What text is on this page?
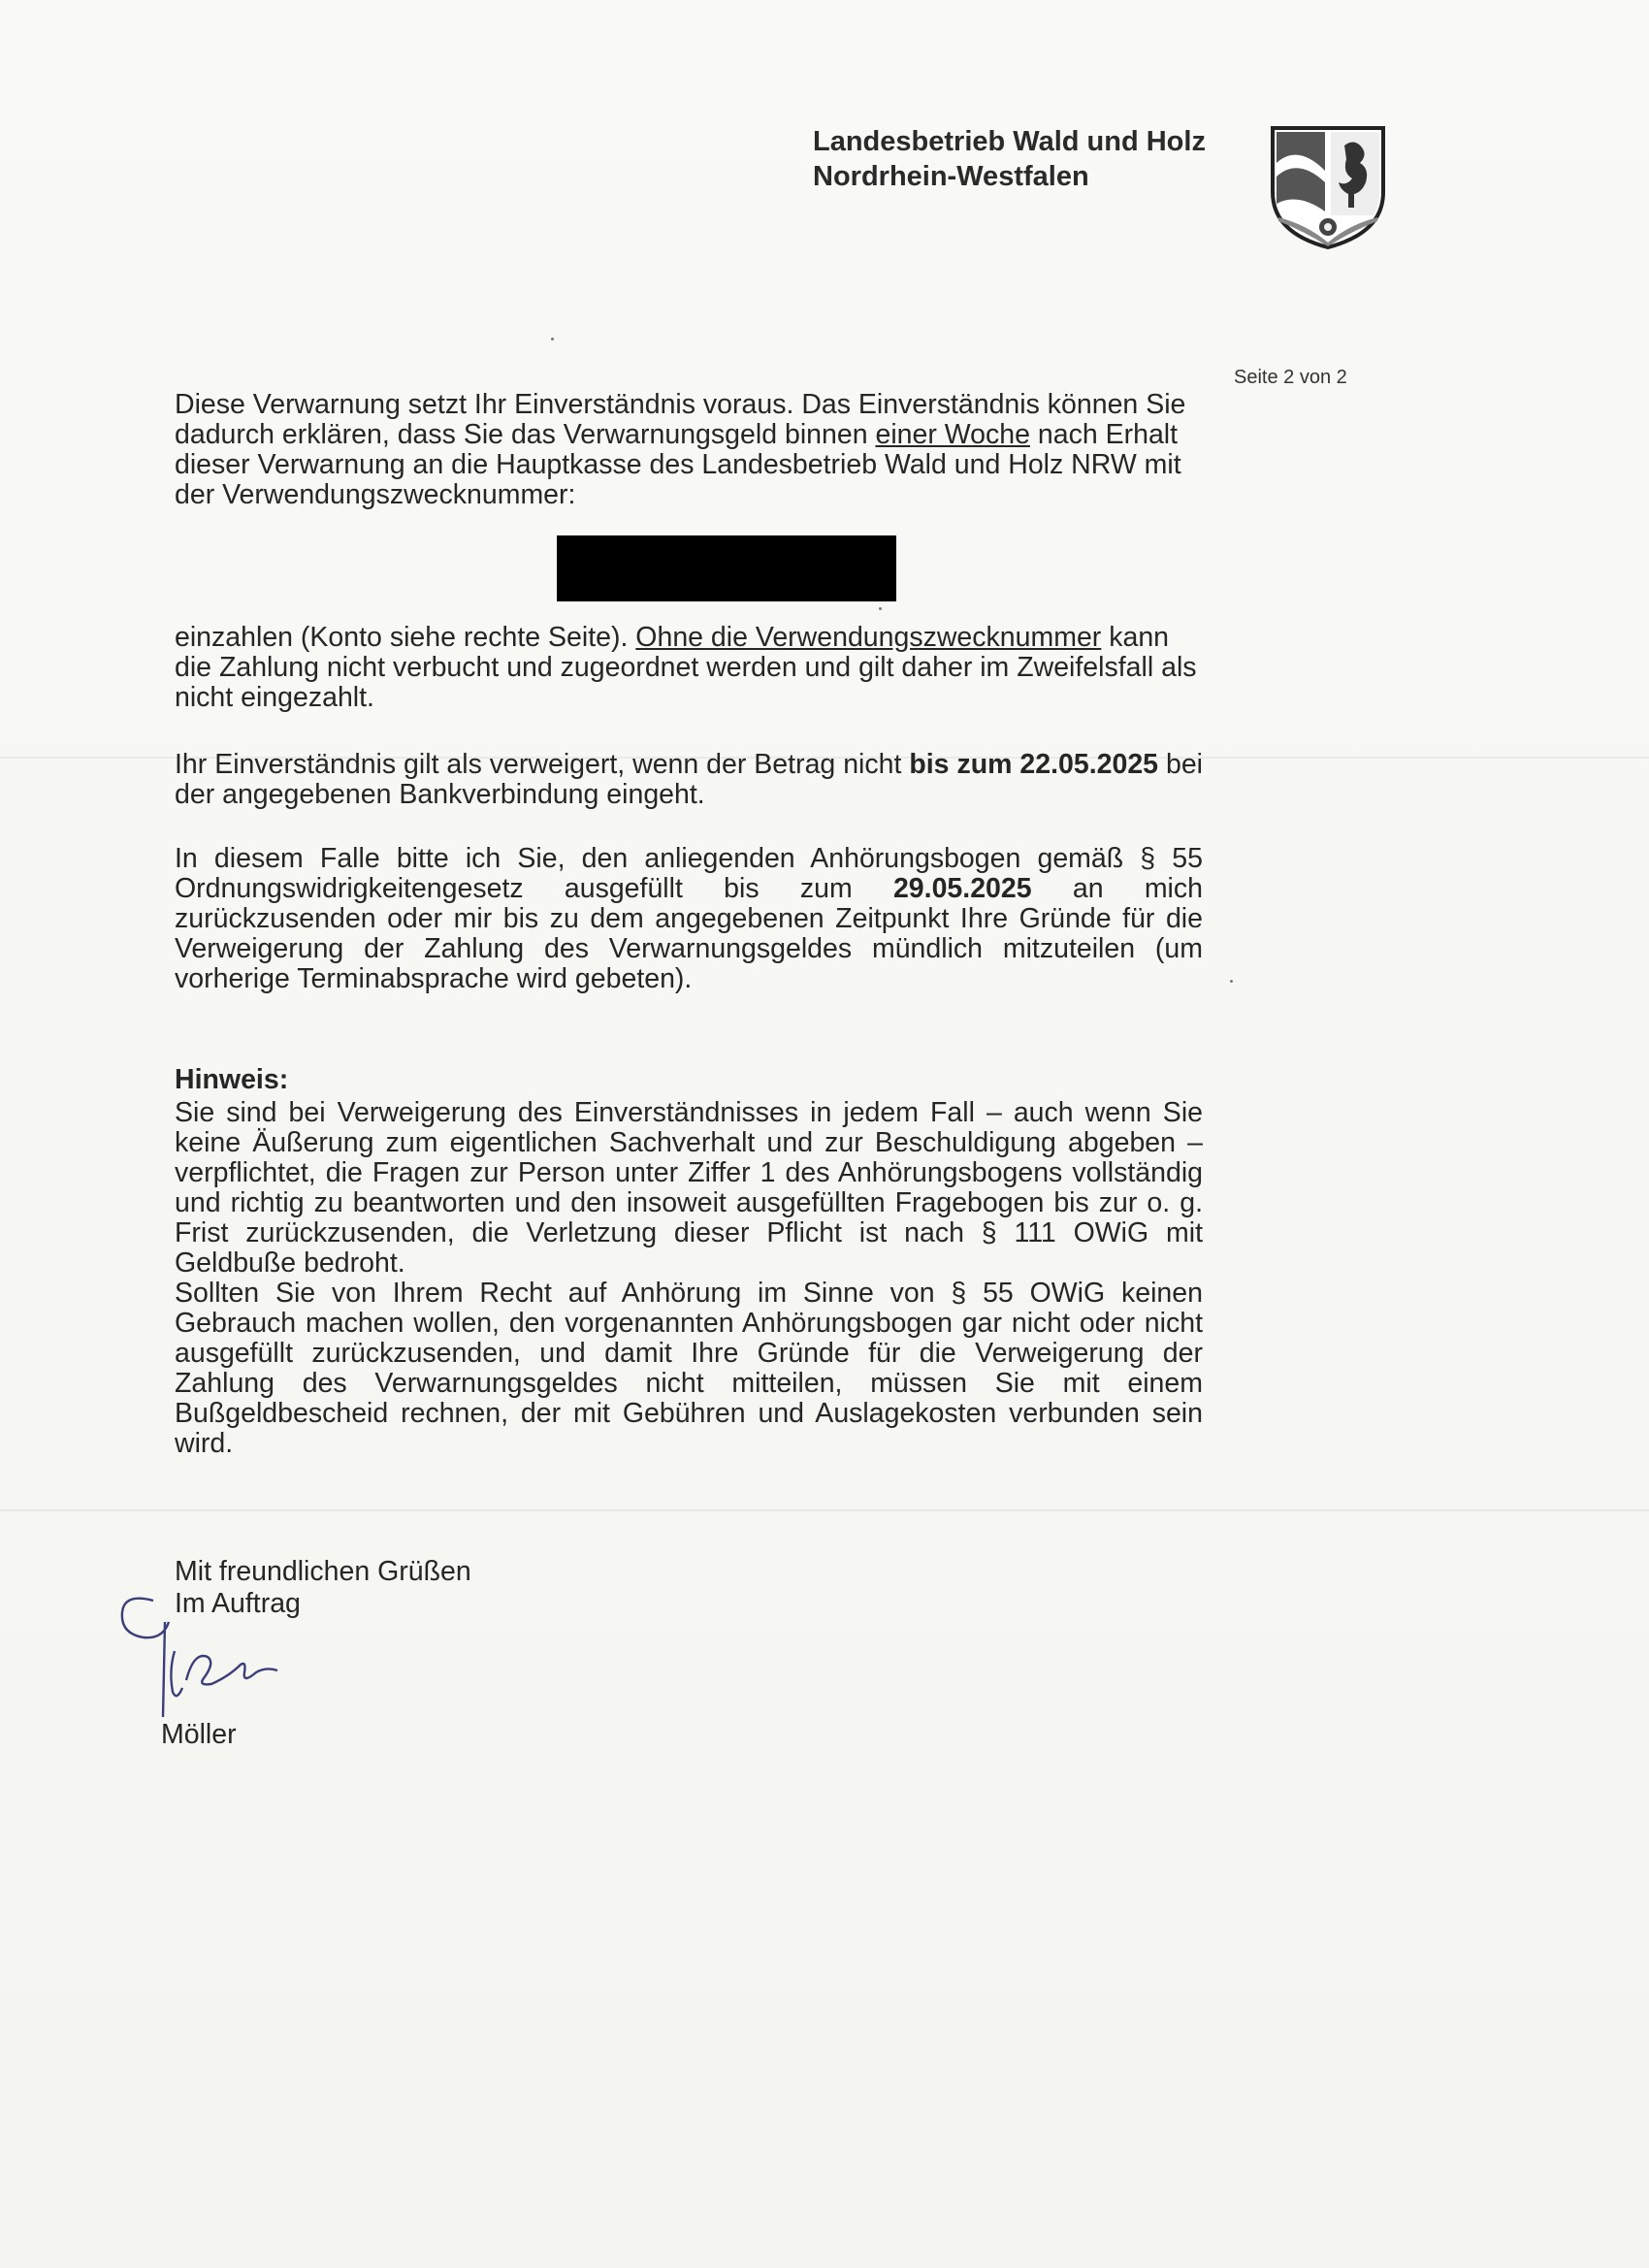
Landesbetrieb Wald und Holz
Nordrhein-Westfalen
Seite 2 von 2
Diese Verwarnung setzt Ihr Einverständnis voraus. Das Einverständnis können Sie dadurch erklären, dass Sie das Verwarnungsgeld binnen einer Woche nach Erhalt dieser Verwarnung an die Hauptkasse des Landesbetrieb Wald und Holz NRW mit der Verwendungszwecknummer:
einzahlen (Konto siehe rechte Seite). Ohne die Verwendungszwecknummer kann die Zahlung nicht verbucht und zugeordnet werden und gilt daher im Zweifelsfall als nicht eingezahlt.
Ihr Einverständnis gilt als verweigert, wenn der Betrag nicht bis zum 22.05.2025 bei der angegebenen Bankverbindung eingeht.
In diesem Falle bitte ich Sie, den anliegenden Anhörungsbogen gemäß § 55 Ordnungswidrigkeitengesetz ausgefüllt bis zum 29.05.2025 an mich zurückzusenden oder mir bis zu dem angegebenen Zeitpunkt Ihre Gründe für die Verweigerung der Zahlung des Verwarnungsgeldes mündlich mitzuteilen (um vorherige Terminabsprache wird gebeten).
Hinweis:
Sie sind bei Verweigerung des Einverständnisses in jedem Fall – auch wenn Sie keine Äußerung zum eigentlichen Sachverhalt und zur Beschuldigung abgeben – verpflichtet, die Fragen zur Person unter Ziffer 1 des Anhörungsbogens vollständig und richtig zu beantworten und den insoweit ausgefüllten Fragebogen bis zur o. g. Frist zurückzusenden, die Verletzung dieser Pflicht ist nach § 111 OWiG mit Geldbuße bedroht.
Sollten Sie von Ihrem Recht auf Anhörung im Sinne von § 55 OWiG keinen Gebrauch machen wollen, den vorgenannten Anhörungsbogen gar nicht oder nicht ausgefüllt zurückzusenden, und damit Ihre Gründe für die Verweigerung der Zahlung des Verwarnungsgeldes nicht mitteilen, müssen Sie mit einem Bußgeldbescheid rechnen, der mit Gebühren und Auslagekosten verbunden sein wird.
Mit freundlichen Grüßen
Im Auftrag
Möller
